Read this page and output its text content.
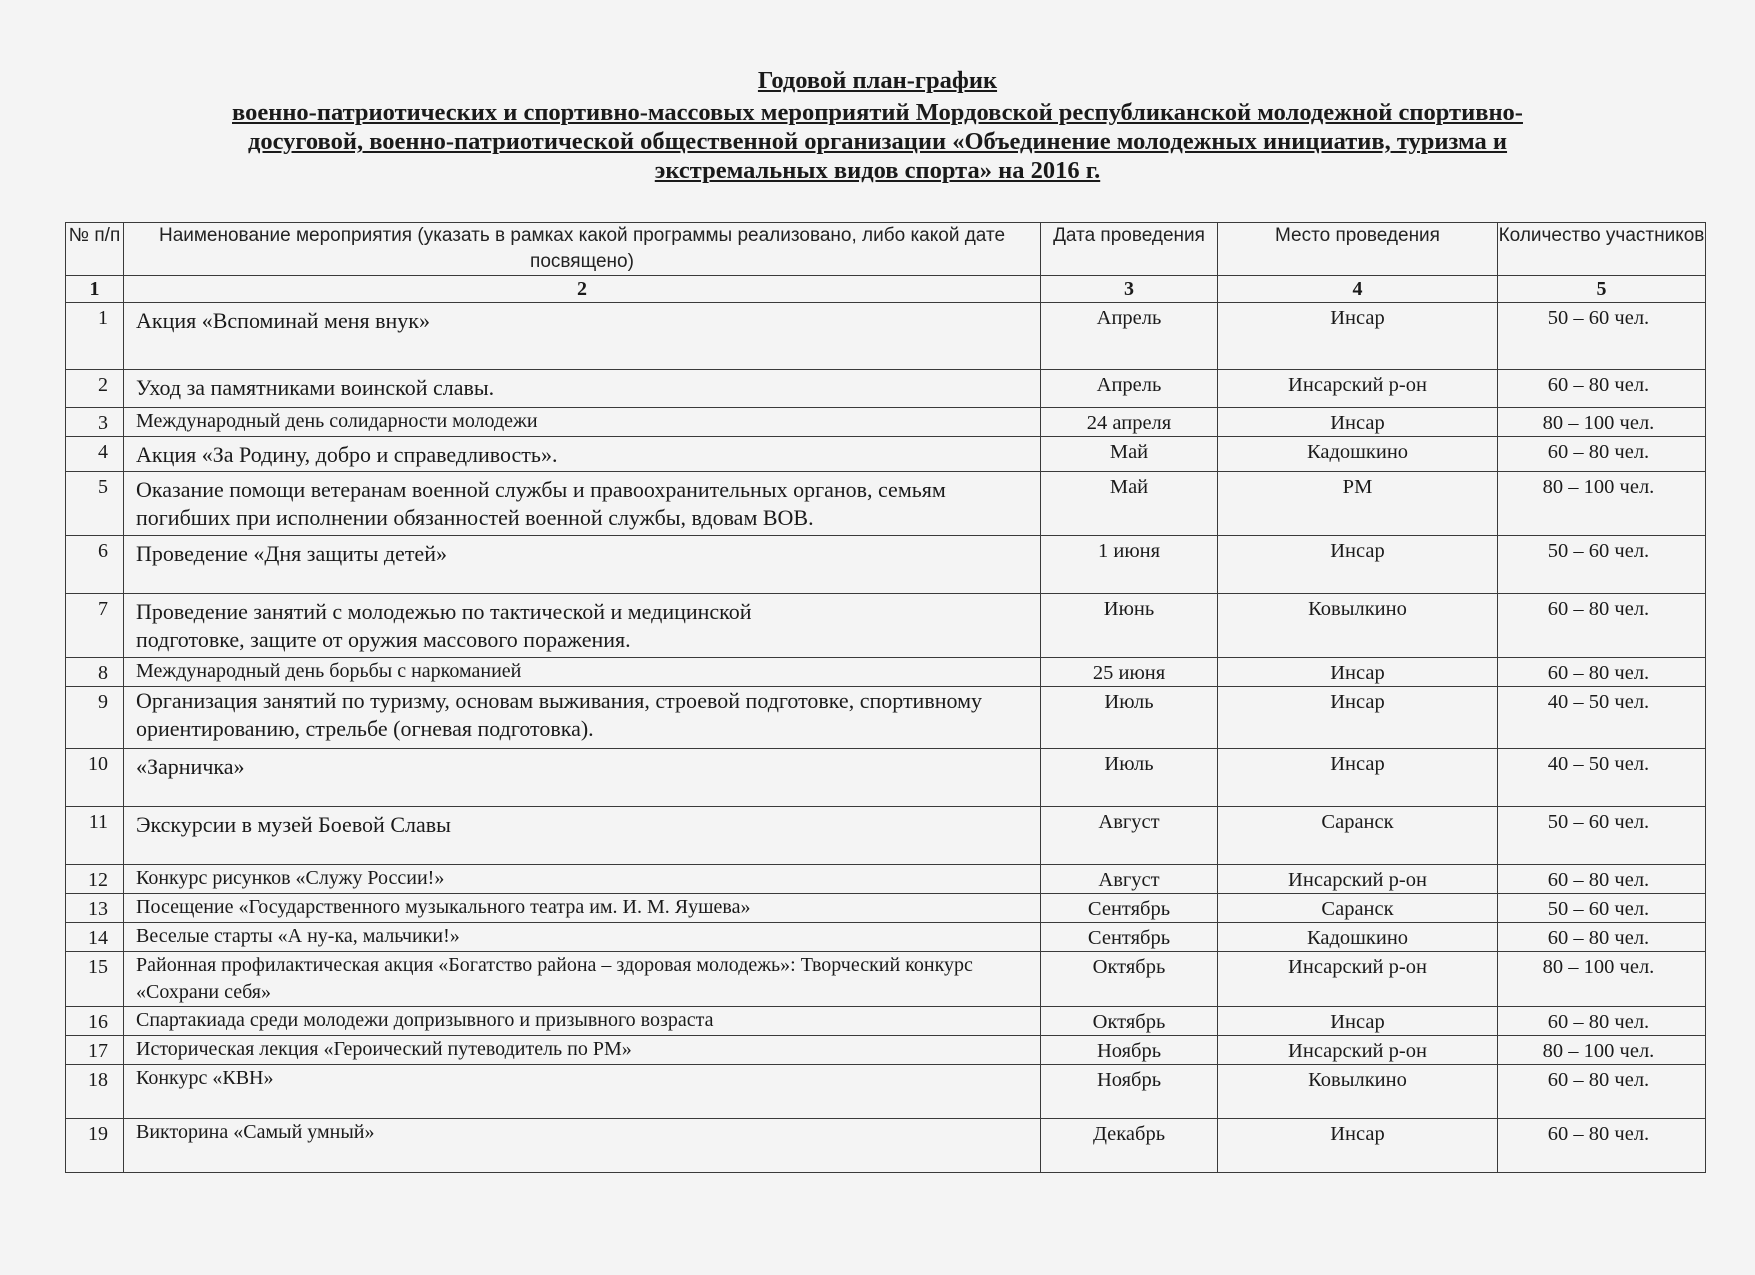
Годовой план-график
военно-патриотических и спортивно-массовых мероприятий Мордовской республиканской молодежной спортивно-
досуговой, военно-патриотической общественной организации «Объединение молодежных инициатив, туризма и
экстремальных видов спорта» на 2016 г.
№ п/п	Наименование мероприятия (указать в рамках какой программы реализовано, либо какой дате посвящено)	Дата проведения	Место проведения	Количество участников
1	2	3	4	5
1	Акция «Вспоминай меня внук»	Апрель	Инсар	50 – 60 чел.
2	Уход за памятниками воинской славы.	Апрель	Инсарский р-он	60 – 80 чел.
3	Международный день солидарности молодежи	24 апреля	Инсар	80 – 100 чел.
4	Акция «За Родину, добро и справедливость».	Май	Кадошкино	60 – 80 чел.
5	Оказание помощи ветеранам военной службы и правоохранительных органов, семьям погибших при исполнении обязанностей военной службы, вдовам ВОВ.	Май	РМ	80 – 100 чел.
6	Проведение «Дня защиты детей»	1 июня	Инсар	50 – 60 чел.
7	Проведение занятий с молодежью по тактической и медицинской подготовке, защите от оружия массового поражения.	Июнь	Ковылкино	60 – 80 чел.
8	Международный день борьбы с наркоманией	25 июня	Инсар	60 – 80 чел.
9	Организация занятий по туризму, основам выживания, строевой подготовке, спортивному ориентированию, стрельбе (огневая подготовка).	Июль	Инсар	40 – 50 чел.
10	«Зарничка»	Июль	Инсар	40 – 50 чел.
11	Экскурсии в музей Боевой Славы	Август	Саранск	50 – 60 чел.
12	Конкурс рисунков «Служу России!»	Август	Инсарский р-он	60 – 80 чел.
13	Посещение «Государственного музыкального театра им. И. М. Яушева»	Сентябрь	Саранск	50 – 60 чел.
14	Веселые старты «А ну-ка, мальчики!»	Сентябрь	Кадошкино	60 – 80 чел.
15	Районная профилактическая акция «Богатство района – здоровая молодежь»: Творческий конкурс «Сохрани себя»	Октябрь	Инсарский р-он	80 – 100 чел.
16	Спартакиада среди молодежи допризывного и призывного возраста	Октябрь	Инсар	60 – 80 чел.
17	Историческая лекция «Героический путеводитель по РМ»	Ноябрь	Инсарский р-он	80 – 100 чел.
18	Конкурс «КВН»	Ноябрь	Ковылкино	60 – 80 чел.
19	Викторина «Самый умный»	Декабрь	Инсар	60 – 80 чел.
